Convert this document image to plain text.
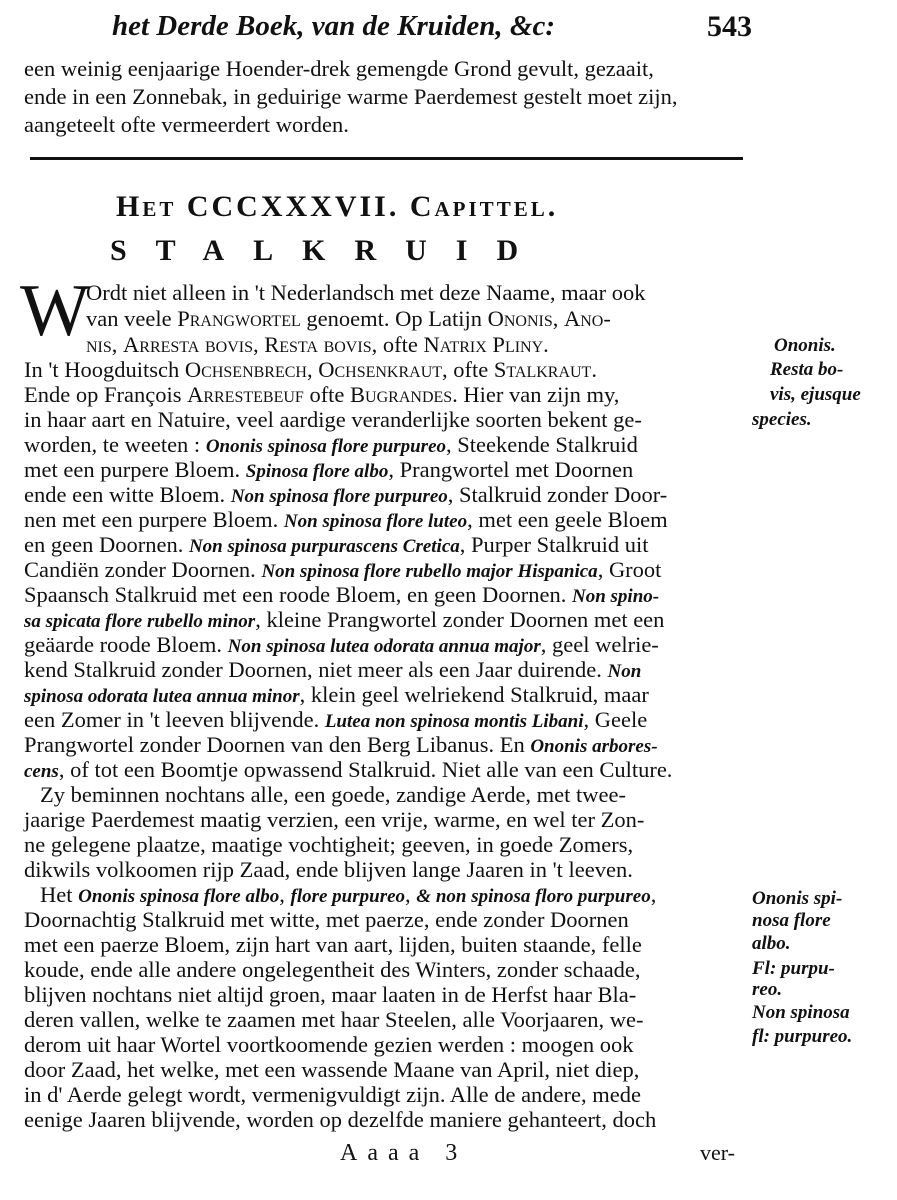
het Derde Boek, van de Kruiden, &c:	543
een weinig eenjaarige Hoender-drek gemengde Grond gevult, gezaait,
ende in een Zonnebak, in geduirige warme Paerdemest gestelt moet zijn,
aangeteelt ofte vermeerdert worden.
Het CCCXXXVII. Capittel.
STALKRUID
W
Ordt niet alleen in 't Nederlandsch met deze Naame, maar ook
van veele Prangwortel genoemt. Op Latijn Ononis, Ano-
nis, Arresta bovis, Resta bovis, ofte Natrix Pliny.
In 't Hoogduitsch Ochsenbrech, Ochsenkraut, ofte Stalkraut.
Ende op François Arrestebeuf ofte Bugrandes. Hier van zijn my,
in haar aart en Natuire, veel aardige veranderlijke soorten bekent ge-
worden, te weeten : Ononis spinosa flore purpureo, Steekende Stalkruid
met een purpere Bloem. Spinosa flore albo, Prangwortel met Doornen
ende een witte Bloem. Non spinosa flore purpureo, Stalkruid zonder Door-
nen met een purpere Bloem. Non spinosa flore luteo, met een geele Bloem
en geen Doornen. Non spinosa purpurascens Cretica, Purper Stalkruid uit
Candiën zonder Doornen. Non spinosa flore rubello major Hispanica, Groot
Spaansch Stalkruid met een roode Bloem, en geen Doornen. Non spino-
sa spicata flore rubello minor, kleine Prangwortel zonder Doornen met een
geäarde roode Bloem. Non spinosa lutea odorata annua major, geel welrie-
kend Stalkruid zonder Doornen, niet meer als een Jaar duirende. Non
spinosa odorata lutea annua minor, klein geel welriekend Stalkruid, maar
een Zomer in 't leeven blijvende. Lutea non spinosa montis Libani, Geele
Prangwortel zonder Doornen van den Berg Libanus. En Ononis arbores-
cens, of tot een Boomtje opwassend Stalkruid. Niet alle van een Culture.
Zy beminnen nochtans alle, een goede, zandige Aerde, met twee-
jaarige Paerdemest maatig verzien, een vrije, warme, en wel ter Zon-
ne gelegene plaatze, maatige vochtigheit; geeven, in goede Zomers,
dikwils volkoomen rijp Zaad, ende blijven lange Jaaren in 't leeven.
Het Ononis spinosa flore albo, flore purpureo, & non spinosa floro purpureo,
Doornachtig Stalkruid met witte, met paerze, ende zonder Doornen
met een paerze Bloem, zijn hart van aart, lijden, buiten staande, felle
koude, ende alle andere ongelegentheit des Winters, zonder schaade,
blijven nochtans niet altijd groen, maar laaten in de Herfst haar Bla-
deren vallen, welke te zaamen met haar Steelen, alle Voorjaaren, we-
derom uit haar Wortel voortkoomende gezien werden : moogen ook
door Zaad, het welke, met een wassende Maane van April, niet diep,
in d' Aerde gelegt wordt, vermenigvuldigt zijn. Alle de andere, mede
eenige Jaaren blijvende, worden op dezelfde maniere gehanteert, doch
Ononis.
Resta bo-
vis, ejusque
species.
Ononis spi-
nosa flore
albo.
Fl: purpu-
reo.
Non spinosa
fl: purpureo.
Aaaa 3	ver-
